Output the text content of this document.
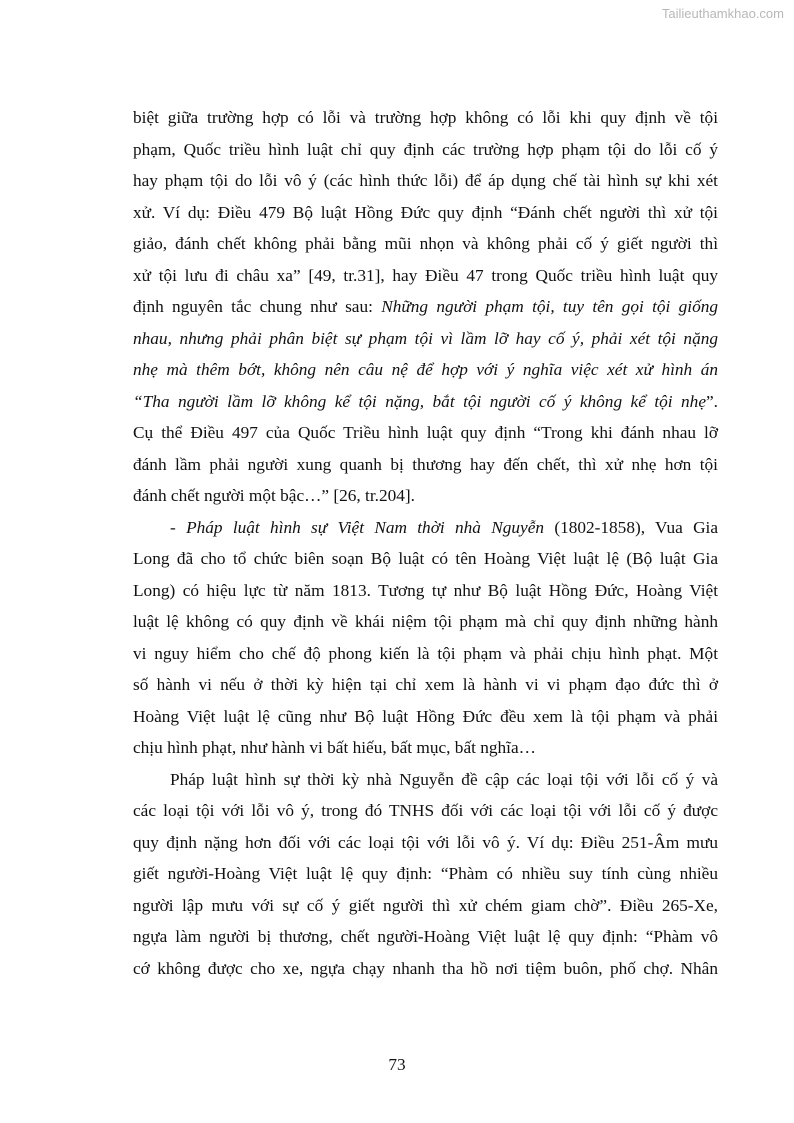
Tailieuthamkhao.com
biệt giữa trường hợp có lỗi và trường hợp không có lỗi khi quy định về tội
phạm, Quốc triều hình luật chỉ quy định các trường hợp phạm tội do lỗi cố ý
hay phạm tội do lỗi vô ý (các hình thức lỗi) để áp dụng chế tài hình sự khi xét
xử. Ví dụ: Điều 479 Bộ luật Hồng Đức quy định “Đánh chết người thì xử tội
giảo, đánh chết không phải bằng mũi nhọn và không phải cố ý giết người thì
xử tội lưu đi châu xa” [49, tr.31], hay Điều 47 trong Quốc triều hình luật quy
định nguyên tắc chung như sau: Những người phạm tội, tuy tên gọi tội giống
nhau, nhưng phải phân biệt sự phạm tội vì lầm lỡ hay cố ý, phải xét tội nặng
nhẹ mà thêm bớt, không nên câu nệ để hợp với ý nghĩa việc xét xử hình án
“Tha người lầm lỡ không kể tội nặng, bắt tội người cố ý không kể tội nhẹ”.
Cụ thể Điều 497 của Quốc Triều hình luật quy định “Trong khi đánh nhau lỡ
đánh lầm phải người xung quanh bị thương hay đến chết, thì xử nhẹ hơn tội
đánh chết người một bậc…” [26, tr.204].
- Pháp luật hình sự Việt Nam thời nhà Nguyễn (1802-1858), Vua Gia
Long đã cho tổ chức biên soạn Bộ luật có tên Hoàng Việt luật lệ (Bộ luật Gia
Long) có hiệu lực từ năm 1813. Tương tự như Bộ luật Hồng Đức, Hoàng Việt
luật lệ không có quy định về khái niệm tội phạm mà chỉ quy định những hành
vi nguy hiểm cho chế độ phong kiến là tội phạm và phải chịu hình phạt. Một
số hành vi nếu ở thời kỳ hiện tại chỉ xem là hành vi vi phạm đạo đức thì ở
Hoàng Việt luật lệ cũng như Bộ luật Hồng Đức đều xem là tội phạm và phải
chịu hình phạt, như hành vi bất hiếu, bất mục, bất nghĩa…
Pháp luật hình sự thời kỳ nhà Nguyễn đề cập các loại tội với lỗi cố ý và
các loại tội với lỗi vô ý, trong đó TNHS đối với các loại tội với lỗi cố ý được
quy định nặng hơn đối với các loại tội với lỗi vô ý. Ví dụ: Điều 251-Âm mưu
giết người-Hoàng Việt luật lệ quy định: “Phàm có nhiều suy tính cùng nhiều
người lập mưu với sự cố ý giết người thì xử chém giam chờ”. Điều 265-Xe,
ngựa làm người bị thương, chết người-Hoàng Việt luật lệ quy định: “Phàm vô
cớ không được cho xe, ngựa chạy nhanh tha hồ nơi tiệm buôn, phố chợ. Nhân
73
